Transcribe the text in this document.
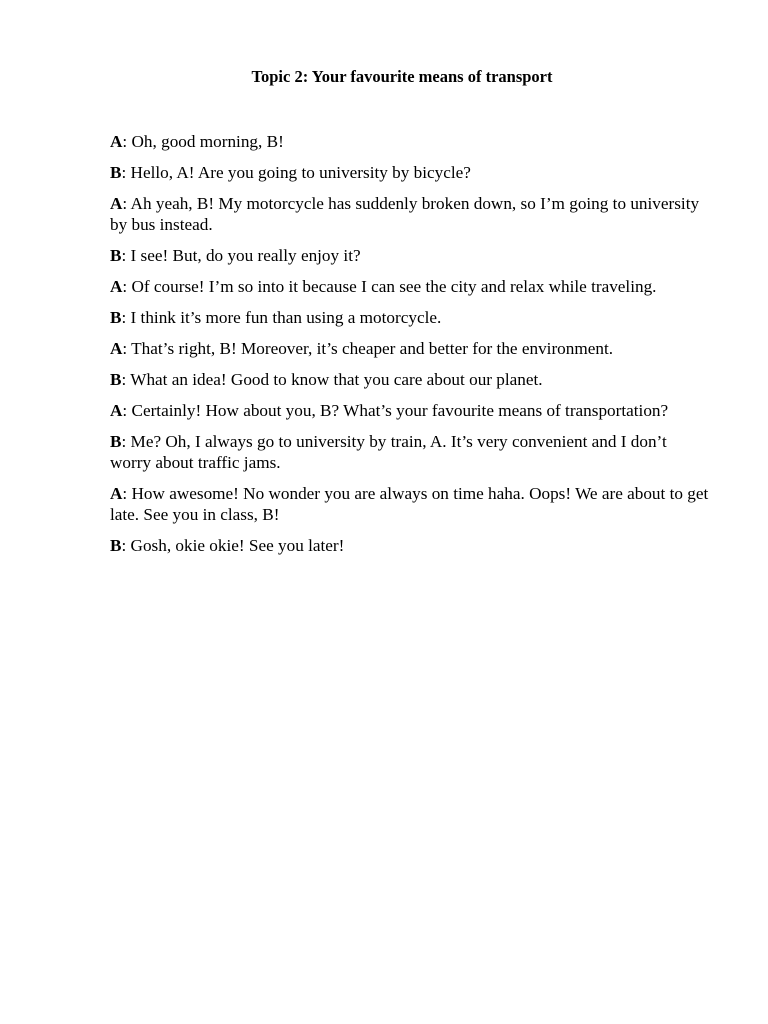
Topic 2: Your favourite means of transport

A: Oh, good morning, B!

B: Hello, A! Are you going to university by bicycle?

A: Ah yeah, B! My motorcycle has suddenly broken down, so I’m going to university by bus instead.

B: I see! But, do you really enjoy it?

A: Of course! I’m so into it because I can see the city and relax while traveling.

B: I think it’s more fun than using a motorcycle.

A: That’s right, B! Moreover, it’s cheaper and better for the environment.

B: What an idea! Good to know that you care about our planet.

A: Certainly! How about you, B? What’s your favourite means of transportation?

B: Me? Oh, I always go to university by train, A. It’s very convenient and I don’t worry about traffic jams.

A: How awesome! No wonder you are always on time haha. Oops! We are about to get late. See you in class, B!

B: Gosh, okie okie! See you later!
